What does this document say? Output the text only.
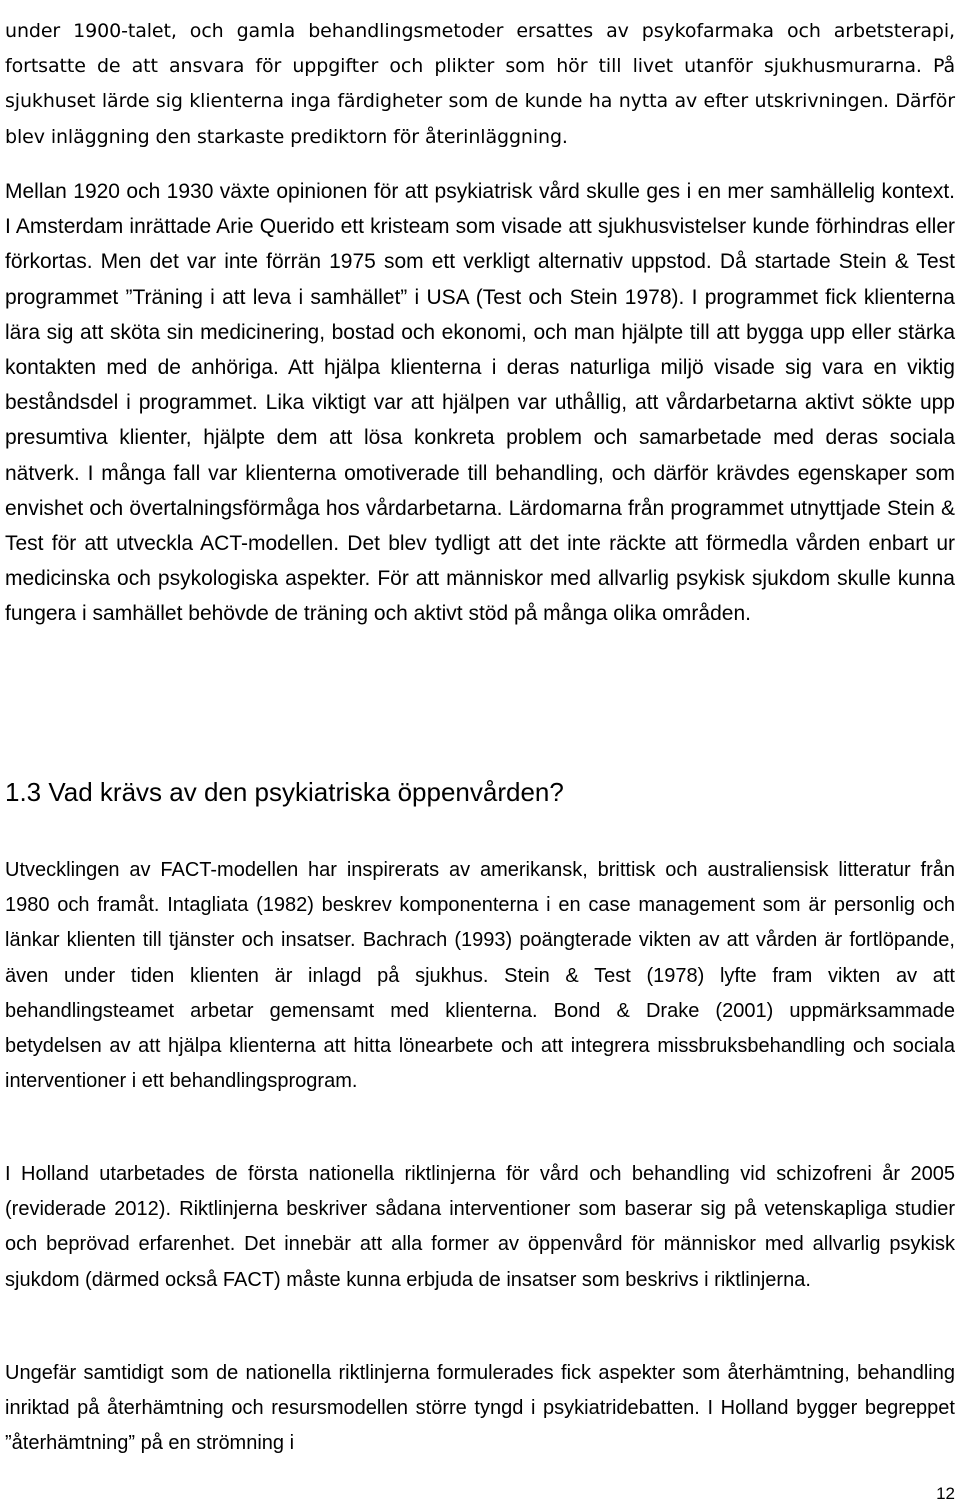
under 1900-talet, och gamla behandlingsmetoder ersattes av psykofarmaka och arbetsterapi, fortsatte de att ansvara för uppgifter och plikter som hör till livet utanför sjukhusmurarna. På sjukhuset lärde sig klienterna inga färdigheter som de kunde ha nytta av efter utskrivningen. Därför blev inläggning den starkaste prediktorn för återinläggning.

Mellan 1920 och 1930 växte opinionen för att psykiatrisk vård skulle ges i en mer samhällelig kontext. I Amsterdam inrättade Arie Querido ett kristeam som visade att sjukhusvistelser kunde förhindras eller förkortas. Men det var inte förrän 1975 som ett verkligt alternativ uppstod. Då startade Stein & Test programmet ”Träning i att leva i samhället” i USA (Test och Stein 1978). I programmet fick klienterna lära sig att sköta sin medicinering, bostad och ekonomi, och man hjälpte till att bygga upp eller stärka kontakten med de anhöriga. Att hjälpa klienterna i deras naturliga miljö visade sig vara en viktig beståndsdel i programmet. Lika viktigt var att hjälpen var uthållig, att vårdarbetarna aktivt sökte upp presumtiva klienter, hjälpte dem att lösa konkreta problem och samarbetade med deras sociala nätverk. I många fall var klienterna omotiverade till behandling, och därför krävdes egenskaper som envishet och övertalningsförmåga hos vårdarbetarna. Lärdomarna från programmet utnyttjade Stein & Test för att utveckla ACT-modellen. Det blev tydligt att det inte räckte att förmedla vården enbart ur medicinska och psykologiska aspekter. För att människor med allvarlig psykisk sjukdom skulle kunna fungera i samhället behövde de träning och aktivt stöd på många olika områden.

1.3 Vad krävs av den psykiatriska öppenvården?

Utvecklingen av FACT-modellen har inspirerats av amerikansk, brittisk och australiensisk litteratur från 1980 och framåt. Intagliata (1982) beskrev komponenterna i en case management som är personlig och länkar klienten till tjänster och insatser. Bachrach (1993) poängterade vikten av att vården är fortlöpande, även under tiden klienten är inlagd på sjukhus. Stein & Test (1978) lyfte fram vikten av att behandlingsteamet arbetar gemensamt med klienterna. Bond & Drake (2001) uppmärksammade betydelsen av att hjälpa klienterna att hitta lönearbete och att integrera missbruksbehandling och sociala interventioner i ett behandlingsprogram.

I Holland utarbetades de första nationella riktlinjerna för vård och behandling vid schizofreni år 2005 (reviderade 2012). Riktlinjerna beskriver sådana interventioner som baserar sig på vetenskapliga studier och beprövad erfarenhet. Det innebär att alla former av öppenvård för människor med allvarlig psykisk sjukdom (därmed också FACT) måste kunna erbjuda de insatser som beskrivs i riktlinjerna.

Ungefär samtidigt som de nationella riktlinjerna formulerades fick aspekter som återhämtning, behandling inriktad på återhämtning och resursmodellen större tyngd i psykiatridebatten. I Holland bygger begreppet ”återhämtning” på en strömning i

12
